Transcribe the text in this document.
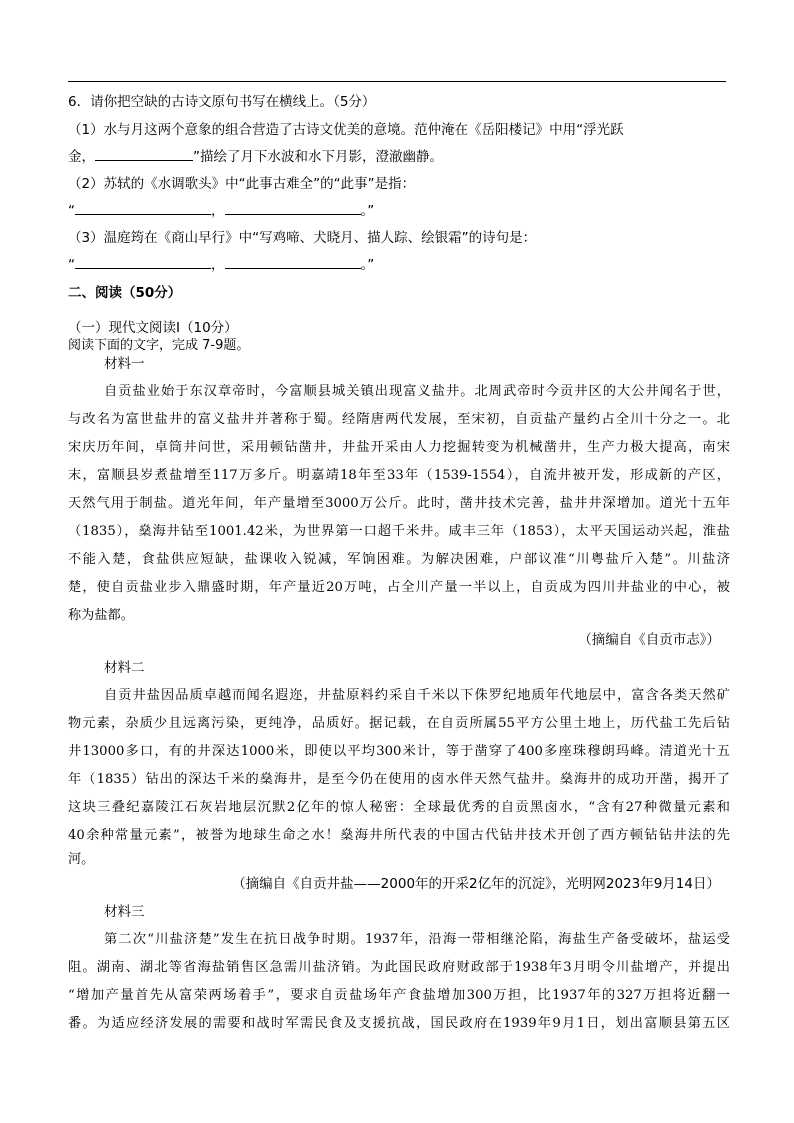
6．请你把空缺的古诗文原句书写在横线上。（5分）
（1）水与月这两个意象的组合营造了古诗文优美的意境。范仲淹在《岳阳楼记》中用“浮光跃
金，	”描绘了月下水波和水下月影，澄澈幽静。
（2）苏轼的《水调歌头》中“此事古难全”的“此事”是指：
“	，	。”
（3）温庭筠在《商山早行》中“写鸡啼、犬晓月、描人踪、绘银霜”的诗句是：
“	，	。”
二、阅读（50分）
（一）现代文阅读Ⅰ（10分）
阅读下面的文字，完成 7-9题。
材料一
自贡盐业始于东汉章帝时，今富顺县城关镇出现富义盐井。北周武帝时今贡井区的大公井闻名于世，
与改名为富世盐井的富义盐井并著称于蜀。经隋唐两代发展，至宋初，自贡盐产量约占全川十分之一。北
宋庆历年间，卓筒井问世，采用顿钻凿井，井盐开采由人力挖掘转变为机械凿井，生产力极大提高，南宋
末，富顺县岁煮盐增至117万多斤。明嘉靖18年至33年（1539-1554），自流井被开发，形成新的产区，
天然气用于制盐。道光年间，年产量增至3000万公斤。此时，凿井技术完善，盐井井深增加。道光十五年
（1835），燊海井钻至1001.42米，为世界第一口超千米井。咸丰三年（1853），太平天国运动兴起，淮盐
不能入楚，食盐供应短缺，盐课收入锐减，军饷困难。为解决困难，户部议准“川粤盐斤入楚”。川盐济
楚，使自贡盐业步入鼎盛时期，年产量近20万吨，占全川产量一半以上，自贡成为四川井盐业的中心，被
称为盐都。
（摘编自《自贡市志》）
材料二
自贡井盐因品质卓越而闻名遐迩，井盐原料约采自千米以下侏罗纪地质年代地层中，富含各类天然矿
物元素，杂质少且远离污染，更纯净，品质好。据记载，在自贡所属55平方公里土地上，历代盐工先后钻
井13000多口，有的井深达1000米，即使以平均300米计，等于凿穿了400多座珠穆朗玛峰。清道光十五
年（1835）钻出的深达千米的燊海井，是至今仍在使用的卤水伴天然气盐井。燊海井的成功开凿，揭开了
这块三叠纪嘉陵江石灰岩地层沉默2亿年的惊人秘密：全球最优秀的自贡黑卤水，“含有27种微量元素和
40余种常量元素”，被誉为地球生命之水！燊海井所代表的中国古代钻井技术开创了西方顿钻钻井法的先
河。
（摘编自《自贡井盐——2000年的开采2亿年的沉淀》，光明网2023年9月14日）
材料三
第二次“川盐济楚”发生在抗日战争时期。1937年，沿海一带相继沦陷，海盐生产备受破坏，盐运受
阻。湖南、湖北等省海盐销售区急需川盐济销。为此国民政府财政部于1938年3月明令川盐增产，并提出
“增加产量首先从富荣两场着手”，要求自贡盐场年产食盐增加300万担，比1937年的327万担将近翻一
番。为适应经济发展的需要和战时军需民食及支援抗战，国民政府在1939年9月1日，划出富顺县第五区
